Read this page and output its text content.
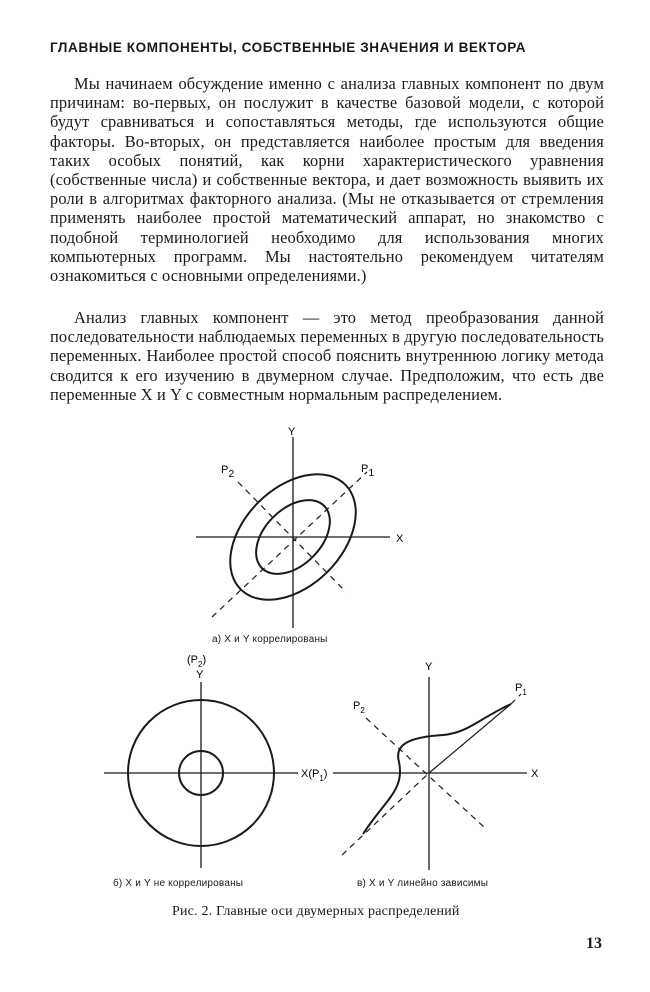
ГЛАВНЫЕ КОМПОНЕНТЫ, СОБСТВЕННЫЕ ЗНАЧЕНИЯ И ВЕКТОРА

Мы начинаем обсуждение именно с анализа главных компонент по двум причинам: во-первых, он послужит в качестве базовой модели, с которой будут сравниваться и сопоставляться методы, где используются общие факторы. Во-вторых, он представляется наиболее простым для введения таких особых понятий, как корни характеристического уравнения (собственные числа) и собственные вектора, и дает возможность выявить их роли в алгоритмах факторного анализа. (Мы не отказывается от стремления применять наиболее простой математический аппарат, но знакомство с подобной терминологией необходимо для использования многих компьютерных программ. Мы настоятельно рекомендуем читателям ознакомиться с основными определениями.)

Анализ главных компонент — это метод преобразования данной последовательности наблюдаемых переменных в другую последовательность переменных. Наиболее простой способ пояснить внутреннюю логику метода сводится к его изучению в двумерном случае. Предположим, что есть две переменные X и Y с совместным нормальным распределением.

Y
X
P1
P2
$(P_2)$
Y
$X(P_1)$
Y
X
$P_1$
$P_2$
а) X и Y коррелированы
б) X и Y не коррелированы	в) X и Y линейно зависимы
Рис. 2. Главные оси двумерных распределений
13
